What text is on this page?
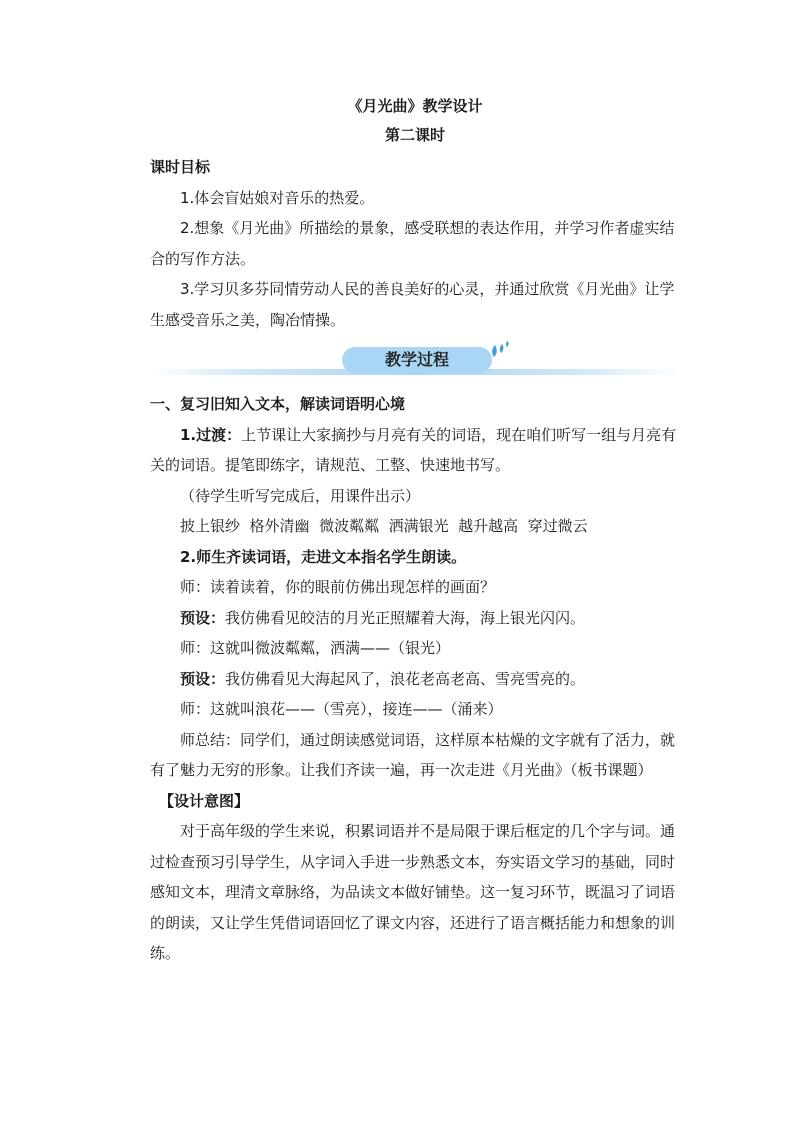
《月光曲》教学设计
第二课时

课时目标

1.体会盲姑娘对音乐的热爱。

2.想象《月光曲》所描绘的景象，感受联想的表达作用，并学习作者虚实结合的写作方法。

3.学习贝多芬同情劳动人民的善良美好的心灵，并通过欣赏《月光曲》让学生感受音乐之美，陶冶情操。

教学过程

一、复习旧知入文本，解读词语明心境

1.过渡：上节课让大家摘抄与月亮有关的词语，现在咱们听写一组与月亮有关的词语。提笔即练字，请规范、工整、快速地书写。

（待学生听写完成后，用课件出示）

披上银纱  格外清幽  微波粼粼  洒满银光  越升越高  穿过微云

2.师生齐读词语，走进文本指名学生朗读。

师：读着读着，你的眼前仿佛出现怎样的画面？

预设：我仿佛看见皎洁的月光正照耀着大海，海上银光闪闪。

师：这就叫微波粼粼，洒满——（银光）

预设：我仿佛看见大海起风了，浪花老高老高、雪亮雪亮的。

师：这就叫浪花——（雪亮），接连——（涌来）

师总结：同学们，通过朗读感觉词语，这样原本枯燥的文字就有了活力，就有了魅力无穷的形象。让我们齐读一遍，再一次走进《月光曲》（板书课题）

【设计意图】

对于高年级的学生来说，积累词语并不是局限于课后框定的几个字与词。通过检查预习引导学生，从字词入手进一步熟悉文本，夯实语文学习的基础，同时感知文本，理清文章脉络，为品读文本做好铺垫。这一复习环节，既温习了词语的朗读，又让学生凭借词语回忆了课文内容，还进行了语言概括能力和想象的训练。
